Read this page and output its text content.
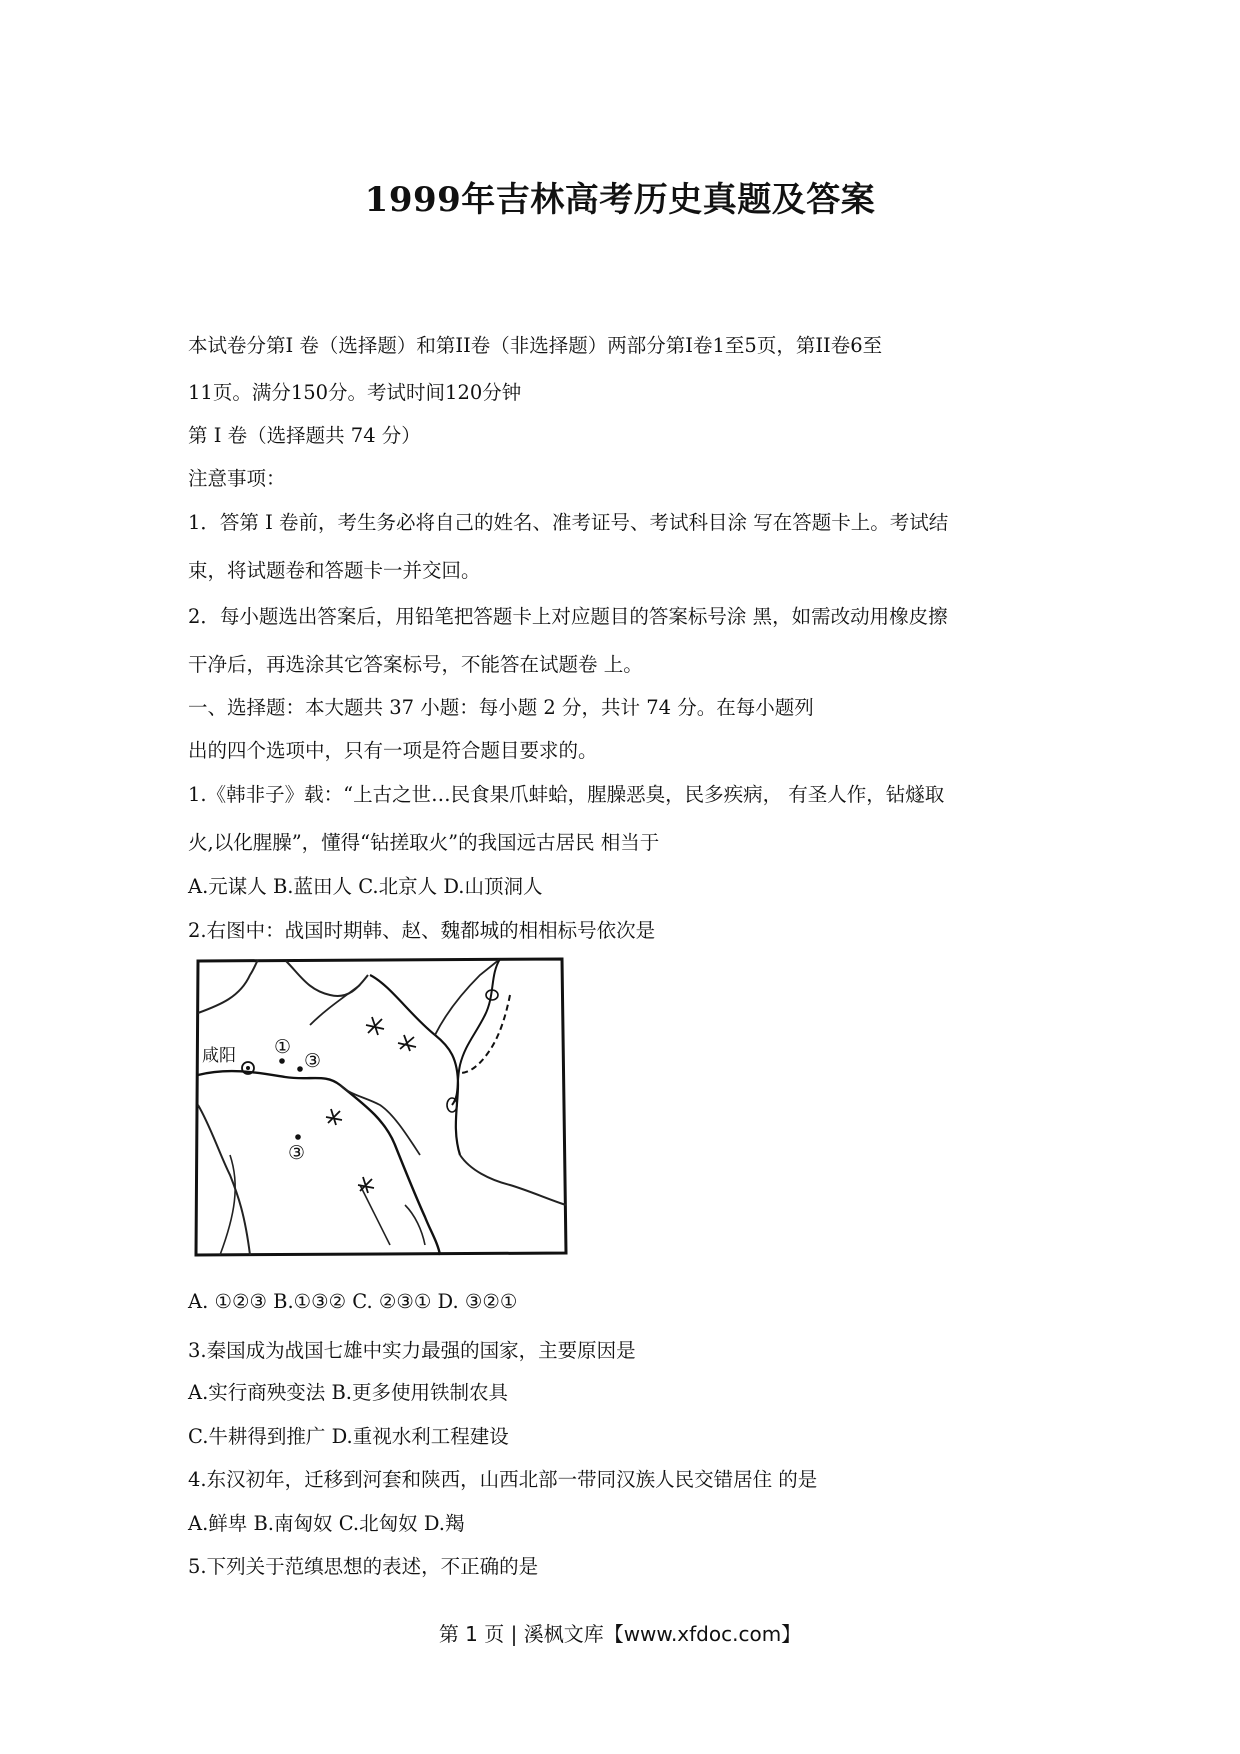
1999年吉林高考历史真题及答案
本试卷分第Ⅰ 卷（选择题）和第II卷（非选择题）两部分第Ⅰ卷1至5页，第II卷6至
11页。满分150分。考试时间120分钟
第 Ⅰ 卷（选择题共 74 分）
注意事项：
1．答第 Ⅰ 卷前，考生务必将自己的姓名、准考证号、考试科目涂 写在答题卡上。考试结
束，将试题卷和答题卡一并交回。
2．每小题选出答案后，用铅笔把答题卡上对应题目的答案标号涂 黑，如需改动用橡皮擦
干净后，再选涂其它答案标号，不能答在试题卷 上。
一、选择题：本大题共 37 小题：每小题 2 分，共计 74 分。在每小题列
出的四个选项中，只有一项是符合题目要求的。
1.《韩非子》载：“上古之世…民食果爪蚌蛤，腥臊恶臭，民多疾病， 有圣人作，钻燧取
火,以化腥臊”，懂得“钻搓取火”的我国远古居民 相当于
A.元谋人 B.蓝田人 C.北京人 D.山顶洞人
2.右图中：战国时期韩、赵、魏都城的相相标号依次是
A. ①②③ B.①③② C. ②③① D. ③②①
3.秦国成为战国七雄中实力最强的国家，主要原因是
A.实行商殃变法 B.更多使用铁制农具
C.牛耕得到推广 D.重视水利工程建设
4.东汉初年，迁移到河套和陕西，山西北部一带同汉族人民交错居住 的是
A.鲜卑 B.南匈奴 C.北匈奴 D.羯
5.下列关于范缜思想的表述，不正确的是
咸阳 ①
③
③
第 1 页 | 溪枫文库【www.xfdoc.com】
